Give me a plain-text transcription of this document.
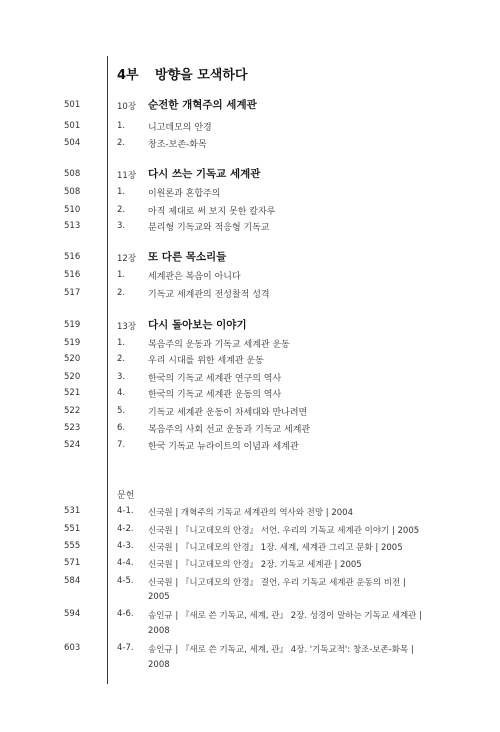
4부 방향을 모색하다
501	10장 순전한 개혁주의 세계관
501	1.	니고데모의 안경
504	2.	창조-보존-화목
508	11장 다시 쓰는 기독교 세계관
508	1.	이원론과 혼합주의
510	2.	아직 제대로 써 보지 못한 칼자루
513	3.	분리형 기독교와 적응형 기독교
516	12장 또 다른 목소리들
516	1.	세계관은 복음이 아니다
517	2.	기독교 세계관의 전성찰적 성격
519	13장 다시 돌아보는 이야기
519	1.	복음주의 운동과 기독교 세계관 운동
520	2.	우리 시대를 위한 세계관 운동
520	3.	한국의 기독교 세계관 연구의 역사
521	4.	한국의 기독교 세계관 운동의 역사
522	5.	기독교 세계관 운동이 차세대와 만나려면
523	6.	복음주의 사회 선교 운동과 기독교 세계관
524	7.	한국 기독교 뉴라이트의 이념과 세계관
문헌
531	4-1. 신국원 | 개혁주의 기독교 세계관의 역사와 전망 | 2004
551	4-2. 신국원 | 『니고데모의 안경』 서언. 우리의 기독교 세계관 이야기 | 2005
555	4-3. 신국원 | 『니고데모의 안경』 1장. 세계, 세계관 그리고 문화 | 2005
571	4-4. 신국원 | 『니고데모의 안경』 2장. 기독교 세계관 | 2005
584	4-5. 신국원 | 『니고데모의 안경』 결언. 우리 기독교 세계관 운동의 비전 |
2005
594	4-6. 송인규 | 『새로 쓴 기독교, 세계, 관』 2장. 성경이 말하는 기독교 세계관 |
2008
603	4-7. 송인규 | 『새로 쓴 기독교, 세계, 관』 4장. '기독교적': 창조-보존-화목 |
2008
